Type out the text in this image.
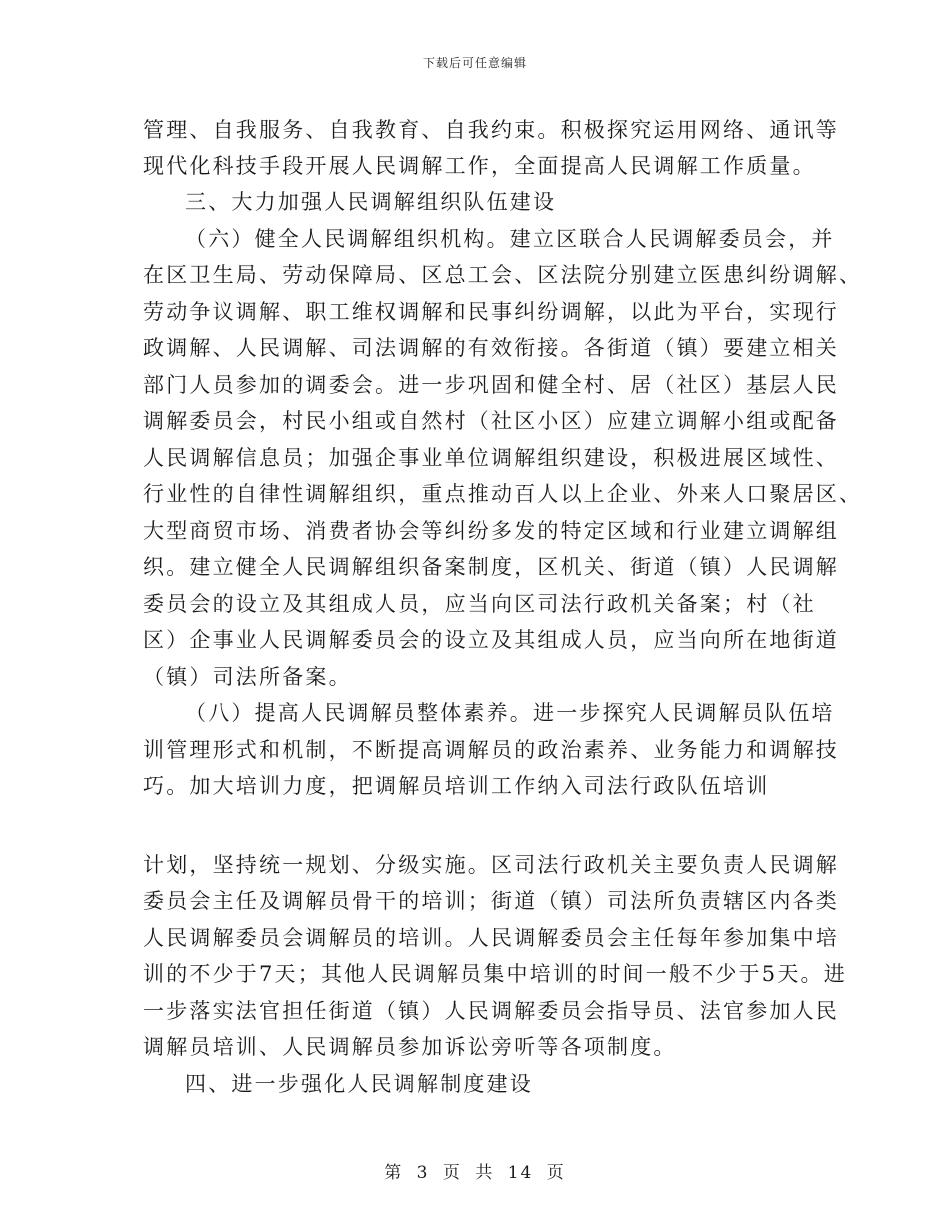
下载后可任意编辑
管理、自我服务、自我教育、自我约束。积极探究运用网络、通讯等
现代化科技手段开展人民调解工作，全面提高人民调解工作质量。
三、大力加强人民调解组织队伍建设
（六）健全人民调解组织机构。建立区联合人民调解委员会，并
在区卫生局、劳动保障局、区总工会、区法院分别建立医患纠纷调解、
劳动争议调解、职工维权调解和民事纠纷调解，以此为平台，实现行
政调解、人民调解、司法调解的有效衔接。各街道（镇）要建立相关
部门人员参加的调委会。进一步巩固和健全村、居（社区）基层人民
调解委员会，村民小组或自然村（社区小区）应建立调解小组或配备
人民调解信息员；加强企事业单位调解组织建设，积极进展区域性、
行业性的自律性调解组织，重点推动百人以上企业、外来人口聚居区、
大型商贸市场、消费者协会等纠纷多发的特定区域和行业建立调解组
织。建立健全人民调解组织备案制度，区机关、街道（镇）人民调解
委员会的设立及其组成人员，应当向区司法行政机关备案；村（社
区）企事业人民调解委员会的设立及其组成人员，应当向所在地街道
（镇）司法所备案。
（八）提高人民调解员整体素养。进一步探究人民调解员队伍培
训管理形式和机制，不断提高调解员的政治素养、业务能力和调解技
巧。加大培训力度，把调解员培训工作纳入司法行政队伍培训
计划，坚持统一规划、分级实施。区司法行政机关主要负责人民调解
委员会主任及调解员骨干的培训；街道（镇）司法所负责辖区内各类
人民调解委员会调解员的培训。人民调解委员会主任每年参加集中培
训的不少于7天；其他人民调解员集中培训的时间一般不少于5天。进
一步落实法官担任街道（镇）人民调解委员会指导员、法官参加人民
调解员培训、人民调解员参加诉讼旁听等各项制度。
四、进一步强化人民调解制度建设
第 3 页 共 14 页
